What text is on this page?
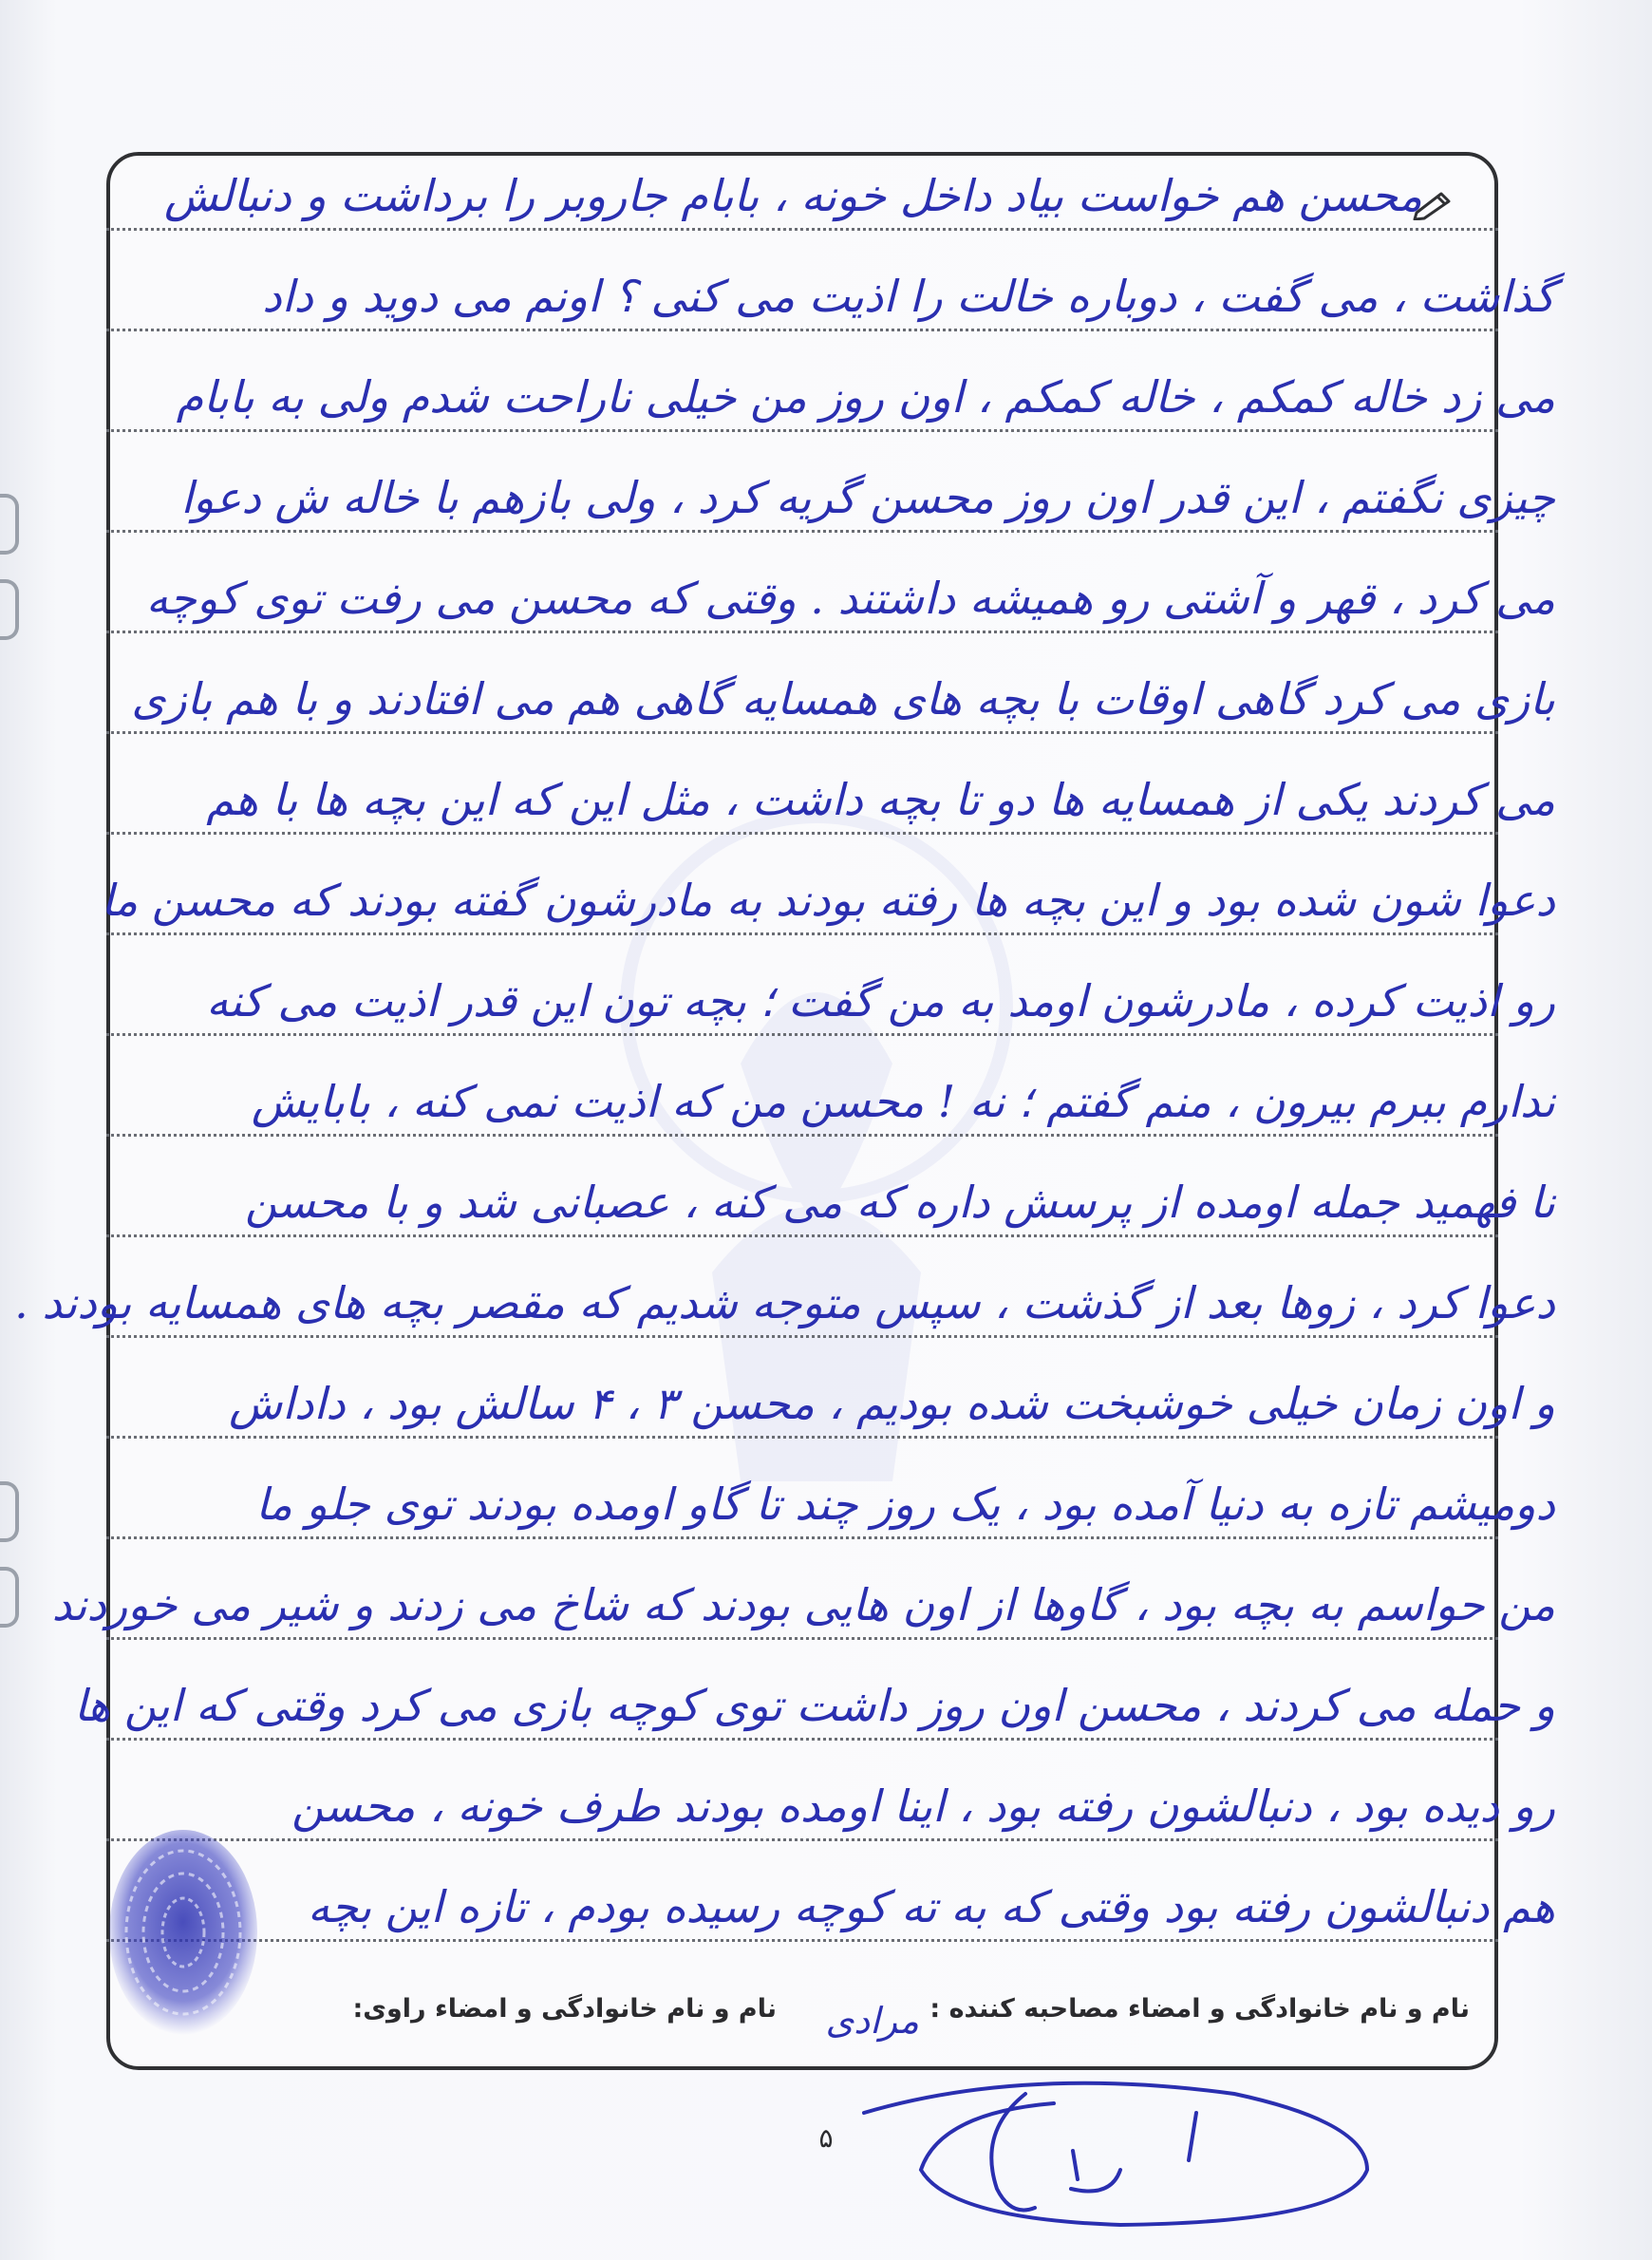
محسن هم خواست بیاد داخل خونه ، بابام جاروبر را برداشت و دنبالش
گذاشت ، می گفت ، دوباره خالت را اذیت می کنی ؟ اونم می دوید و داد
می زد خاله کمکم ، خاله کمکم ، اون روز من خیلی ناراحت شدم ولی به بابام
چیزی نگفتم ، این قدر اون روز محسن گریه کرد ، ولی بازهم با خاله ش دعوا
می کرد ، قهر و آشتی رو همیشه داشتند . وقتی که محسن می رفت توی کوچه
بازی می کرد گاهی اوقات با بچه های همسایه گاهی هم می افتادند و با هم بازی
می کردند یکی از همسایه ها دو تا بچه داشت ، مثل این که این بچه ها با هم
دعوا شون شده بود و این بچه ها رفته بودند به مادرشون گفته بودند که محسن ما
رو اذیت کرده ، مادرشون اومد به من گفت ؛ بچه تون این قدر اذیت می کنه
ندارم ببرم بیرون ، منم گفتم ؛ نه ! محسن من که اذیت نمی کنه ، بابایش
نا فهمید جمله اومده از پرسش داره که می کنه ، عصبانی شد و با محسن
دعوا کرد ، زوها بعد از گذشت ، سپس متوجه شدیم که مقصر بچه های همسایه بودند .
و اون زمان خیلی خوشبخت شده بودیم ، محسن ۳ ، ۴ سالش بود ، داداش
دومیشم تازه به دنیا آمده بود ، یک روز چند تا گاو اومده بودند توی جلو ما
من حواسم به بچه بود ، گاوها از اون هایی بودند که شاخ می زدند و شیر می خوردند
و حمله می کردند ، محسن اون روز داشت توی کوچه بازی می کرد وقتی که این ها
رو دیده بود ، دنبالشون رفته بود ، اینا اومده بودند طرف خونه ، محسن
هم دنبالشون رفته بود وقتی که به ته کوچه رسیده بودم ، تازه این بچه
نام و نام خانوادگی و امضاء مصاحبه کننده :
مرادی
نام و نام خانوادگی و امضاء راوی:
۵
